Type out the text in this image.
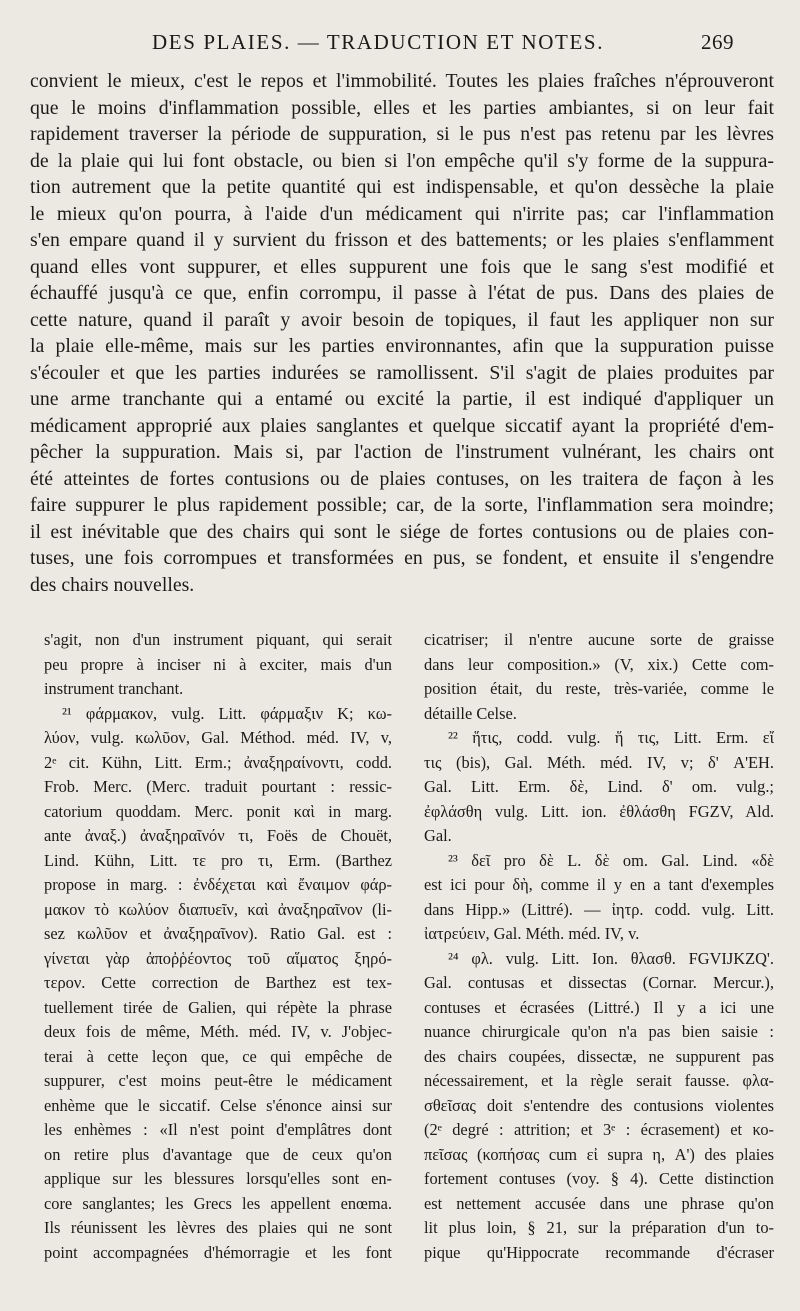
DES PLAIES. — TRADUCTION ET NOTES.	269
convient le mieux, c'est le repos et l'immobilité. Toutes les plaies fraîches n'éprouveront
que le moins d'inflammation possible, elles et les parties ambiantes, si on leur fait
rapidement traverser la période de suppuration, si le pus n'est pas retenu par les lèvres
de la plaie qui lui font obstacle, ou bien si l'on empêche qu'il s'y forme de la suppura-
tion autrement que la petite quantité qui est indispensable, et qu'on dessèche la plaie
le mieux qu'on pourra, à l'aide d'un médicament qui n'irrite pas; car l'inflammation
s'en empare quand il y survient du frisson et des battements; or les plaies s'enflamment
quand elles vont suppurer, et elles suppurent une fois que le sang s'est modifié et
échauffé jusqu'à ce que, enfin corrompu, il passe à l'état de pus. Dans des plaies de
cette nature, quand il paraît y avoir besoin de topiques, il faut les appliquer non sur
la plaie elle-même, mais sur les parties environnantes, afin que la suppuration puisse
s'écouler et que les parties indurées se ramollissent. S'il s'agit de plaies produites par
une arme tranchante qui a entamé ou excité la partie, il est indiqué d'appliquer un
médicament approprié aux plaies sanglantes et quelque siccatif ayant la propriété d'em-
pêcher la suppuration. Mais si, par l'action de l'instrument vulnérant, les chairs ont
été atteintes de fortes contusions ou de plaies contuses, on les traitera de façon à les
faire suppurer le plus rapidement possible; car, de la sorte, l'inflammation sera moindre;
il est inévitable que des chairs qui sont le siége de fortes contusions ou de plaies con-
tuses, une fois corrompues et transformées en pus, se fondent, et ensuite il s'engendre
des chairs nouvelles.
s'agit, non d'un instrument piquant, qui serait
peu propre à inciser ni à exciter, mais d'un
instrument tranchant.
²¹ φάρμακον, vulg. Litt. φάρμαξιν K; κω-
λύον, vulg. κωλῦον, Gal. Méthod. méd. IV, v,
2ᵉ cit. Kühn, Litt. Erm.; ἀναξηραίνοντι, codd.
Frob. Merc. (Merc. traduit pourtant : ressic-
catorium quoddam. Merc. ponit καὶ in marg.
ante ἀναξ.) ἀναξηραῖνόν τι, Foës de Chouët,
Lind. Kühn, Litt. τε pro τι, Erm. (Barthez
propose in marg. : ἐνδέχεται καὶ ἔναιμον φάρ-
μακον τὸ κωλύον διαπυεῖν, καὶ ἀναξηραῖνον (li-
sez κωλῦον et ἀναξηραῖνον). Ratio Gal. est :
γίνεται γὰρ ἀποῤῥέοντος τοῦ αἵματος ξηρό-
τερον. Cette correction de Barthez est tex-
tuellement tirée de Galien, qui répète la phrase
deux fois de même, Méth. méd. IV, v. J'objec-
terai à cette leçon que, ce qui empêche de
suppurer, c'est moins peut-être le médicament
enhème que le siccatif. Celse s'énonce ainsi sur
les enhèmes : «Il n'est point d'emplâtres dont
on retire plus d'avantage que de ceux qu'on
applique sur les blessures lorsqu'elles sont en-
core sanglantes; les Grecs les appellent enœma.
Ils réunissent les lèvres des plaies qui ne sont
point accompagnées d'hémorragie et les font
cicatriser; il n'entre aucune sorte de graisse
dans leur composition.» (V, xix.) Cette com-
position était, du reste, très-variée, comme le
détaille Celse.
²² ἥτις, codd. vulg. ἥ τις, Litt. Erm. εἴ
τις (bis), Gal. Méth. méd. IV, v; δ' A'EH.
Gal. Litt. Erm. δὲ, Lind. δ' om. vulg.;
ἐφλάσθη vulg. Litt. ion. ἐθλάσθη FGZV, Ald.
Gal.
²³ δεῖ pro δὲ L. δὲ om. Gal. Lind. «δὲ
est ici pour δὴ, comme il y en a tant d'exemples
dans Hipp.» (Littré). — ἰητρ. codd. vulg. Litt.
ἰατρεύειν, Gal. Méth. méd. IV, v.
²⁴ φλ. vulg. Litt. Ion. θλασθ. FGVIJKZQ'.
Gal. contusas et dissectas (Cornar. Mercur.),
contuses et écrasées (Littré.) Il y a ici une
nuance chirurgicale qu'on n'a pas bien saisie :
des chairs coupées, dissectæ, ne suppurent pas
nécessairement, et la règle serait fausse. φλα-
σθεῖσας doit s'entendre des contusions violentes
(2ᵉ degré : attrition; et 3ᵉ : écrasement) et κο-
πεῖσας (κοπήσας cum εἰ supra η, A') des plaies
fortement contuses (voy. § 4). Cette distinction
est nettement accusée dans une phrase qu'on
lit plus loin, § 21, sur la préparation d'un to-
pique qu'Hippocrate recommande d'écraser
